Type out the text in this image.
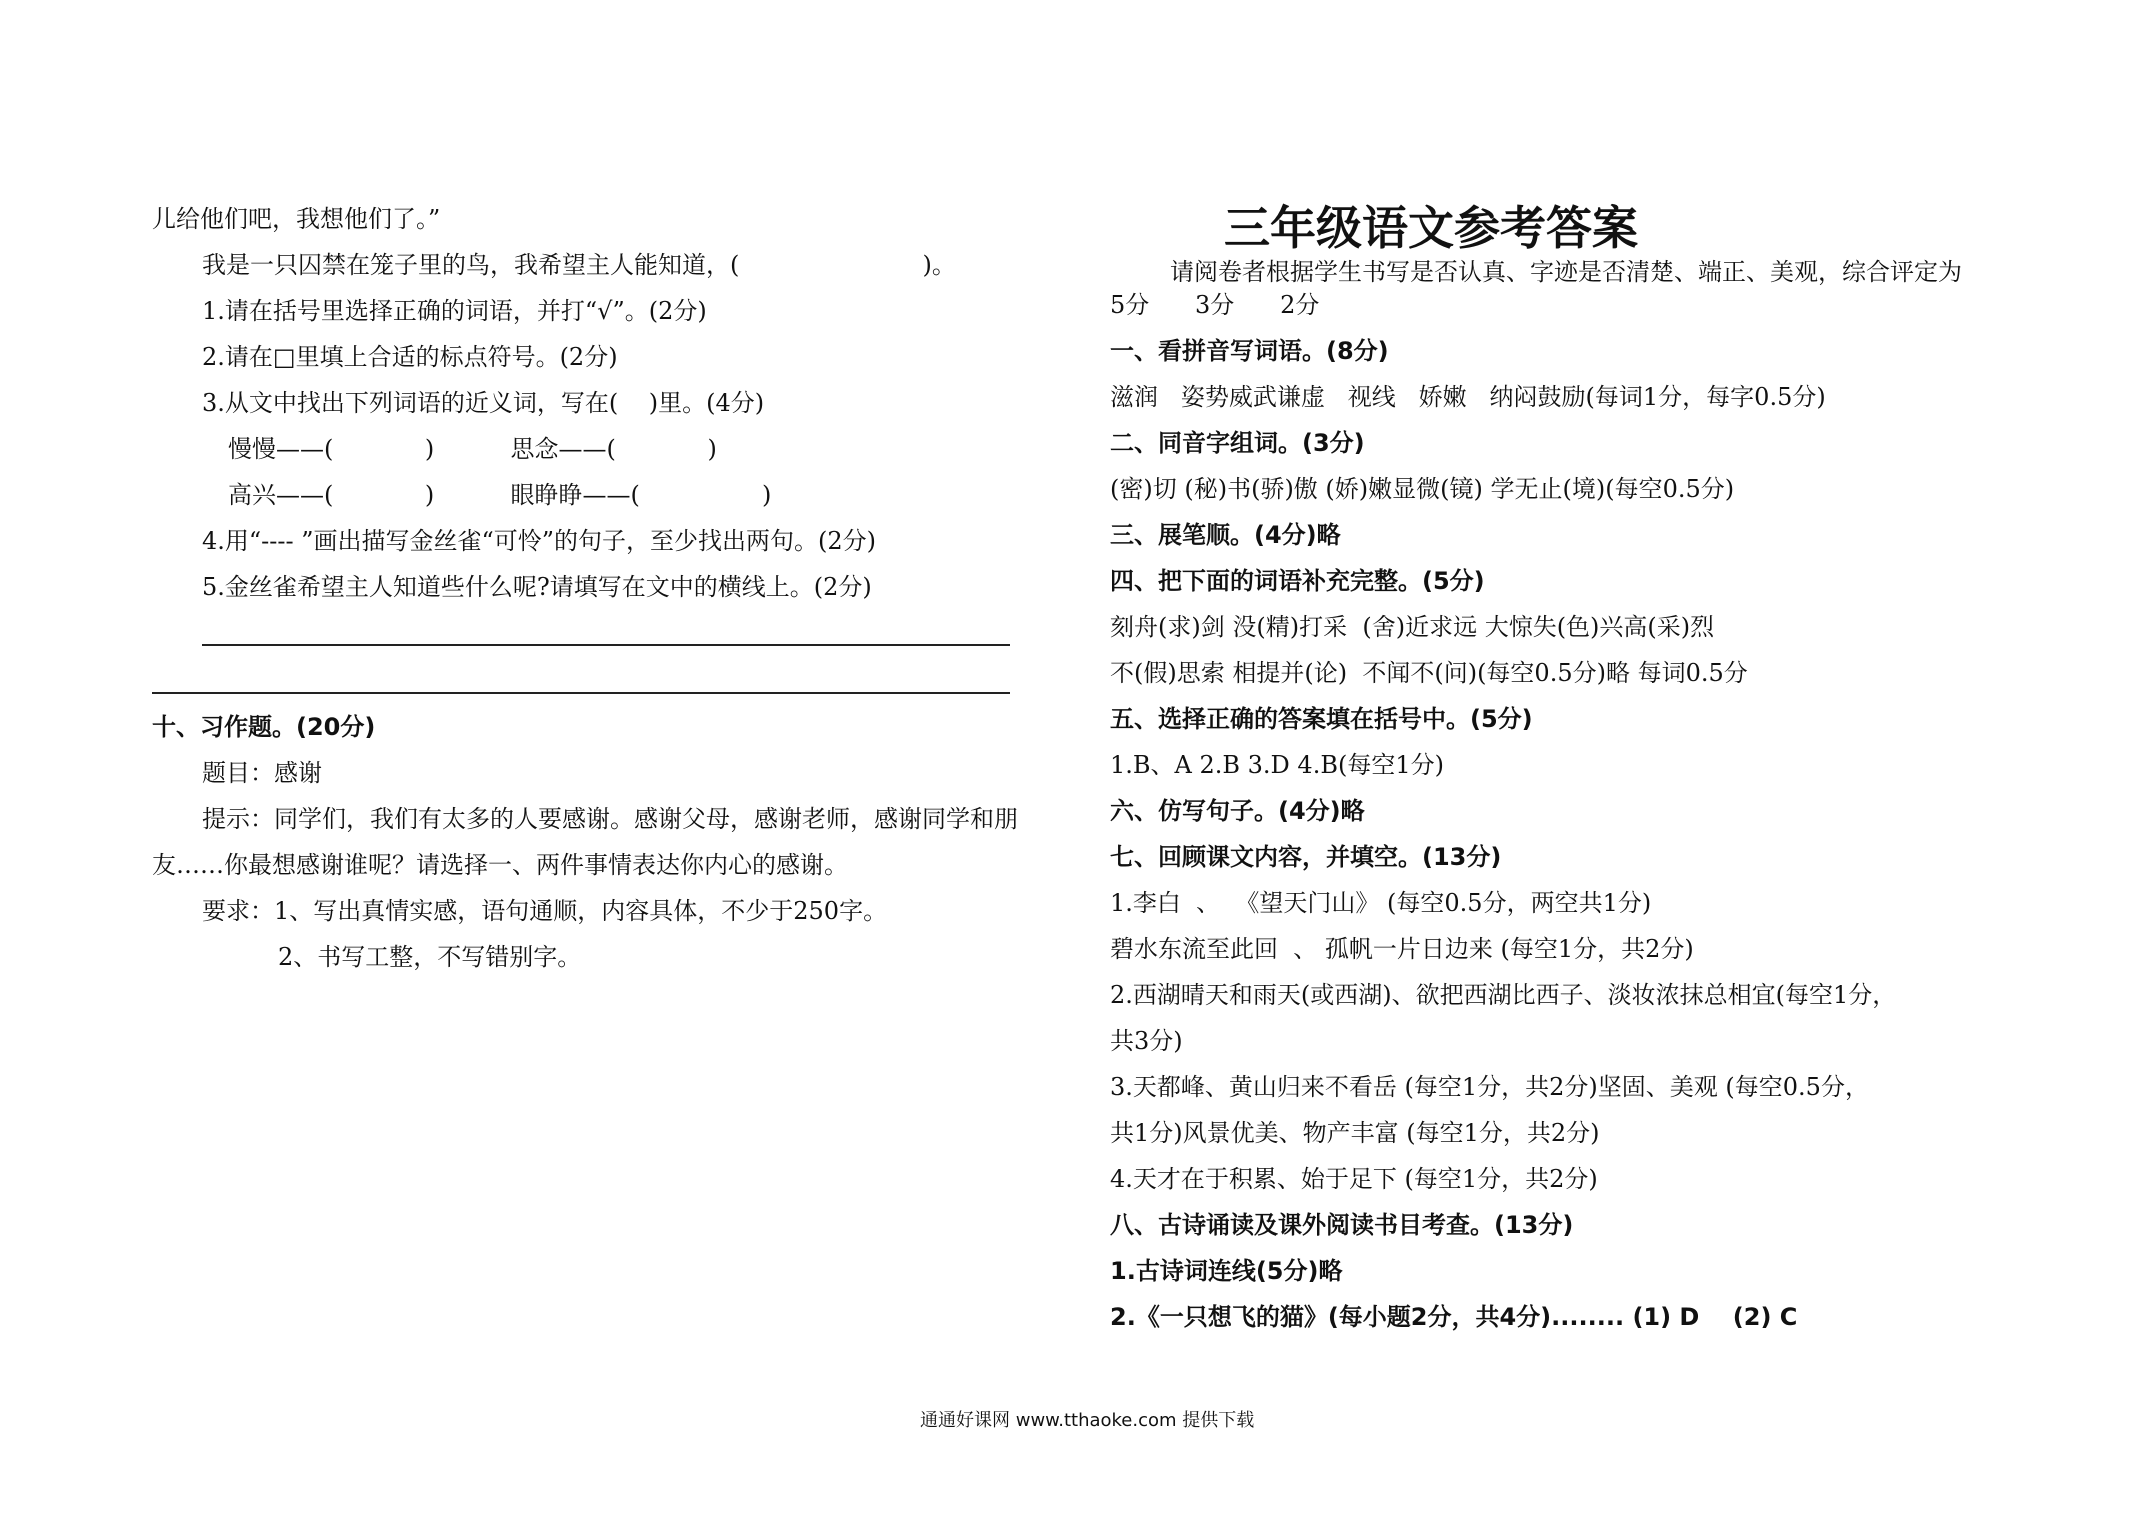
儿给他们吧，我想他们了。”
我是一只囚禁在笼子里的鸟，我希望主人能知道，(                        )。
1.请在括号里选择正确的词语，并打“√”。(2分)
2.请在□里填上合适的标点符号。(2分)
3.从文中找出下列词语的近义词，写在(    )里。(4分)
慢慢——(            )          思念——(            )
高兴——(            )          眼睁睁——(                )
4.用“---- ”画出描写金丝雀“可怜”的句子，至少找出两句。(2分)
5.金丝雀希望主人知道些什么呢?请填写在文中的横线上。(2分)
十、习作题。(20分)
题目：感谢
提示：同学们，我们有太多的人要感谢。感谢父母，感谢老师，感谢同学和朋
友……你最想感谢谁呢？请选择一、两件事情表达你内心的感谢。
要求：1、写出真情实感，语句通顺，内容具体，不少于250字。
2、书写工整，不写错别字。
三年级语文参考答案
请阅卷者根据学生书写是否认真、字迹是否清楚、端正、美观，综合评定为
5分      3分      2分
一、看拼音写词语。(8分)
滋润   姿势威武谦虚   视线   娇嫩   纳闷鼓励(每词1分，每字0.5分)
二、同音字组词。(3分)
(密)切 (秘)书(骄)傲 (娇)嫩显微(镜) 学无止(境)(每空0.5分)
三、展笔顺。(4分)略
四、把下面的词语补充完整。(5分)
刻舟(求)剑 没(精)打采  (舍)近求远 大惊失(色)兴高(采)烈
不(假)思索 相提并(论)  不闻不(问)(每空0.5分)略 每词0.5分
五、选择正确的答案填在括号中。(5分)
1.B、A 2.B 3.D 4.B(每空1分)
六、仿写句子。(4分)略
七、回顾课文内容，并填空。(13分)
1.李白  、  《望天门山》 (每空0.5分，两空共1分)
碧水东流至此回  、 孤帆一片日边来 (每空1分，共2分)
2.西湖晴天和雨天(或西湖)、欲把西湖比西子、淡妆浓抹总相宜(每空1分，
共3分)
3.天都峰、黄山归来不看岳 (每空1分，共2分)坚固、美观 (每空0.5分，
共1分)风景优美、物产丰富 (每空1分，共2分)
4.天才在于积累、始于足下 (每空1分，共2分)
八、古诗诵读及课外阅读书目考查。(13分)
1.古诗词连线(5分)略
2.《一只想飞的猫》(每小题2分，共4分)........ (1) D    (2) C
通通好课网 www.tthaoke.com 提供下载
